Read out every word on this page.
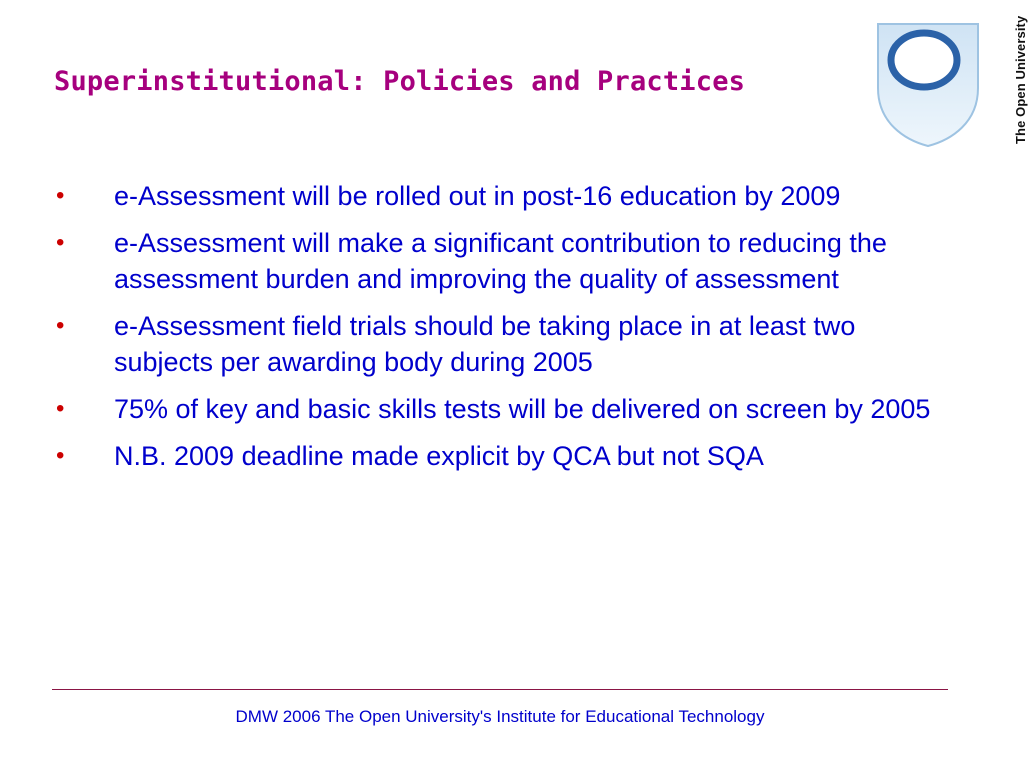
Superinstitutional: Policies and Practices	The Open University
• e-Assessment will be rolled out in post-16 education by 2009
• e-Assessment will make a significant contribution to reducing the assessment burden and improving the quality of assessment
• e-Assessment field trials should be taking place in at least two subjects per awarding body during 2005
• 75% of key and basic skills tests will be delivered on screen by 2005
• N.B. 2009 deadline made explicit by QCA but not SQA
DMW 2006 The Open University's Institute for Educational Technology
